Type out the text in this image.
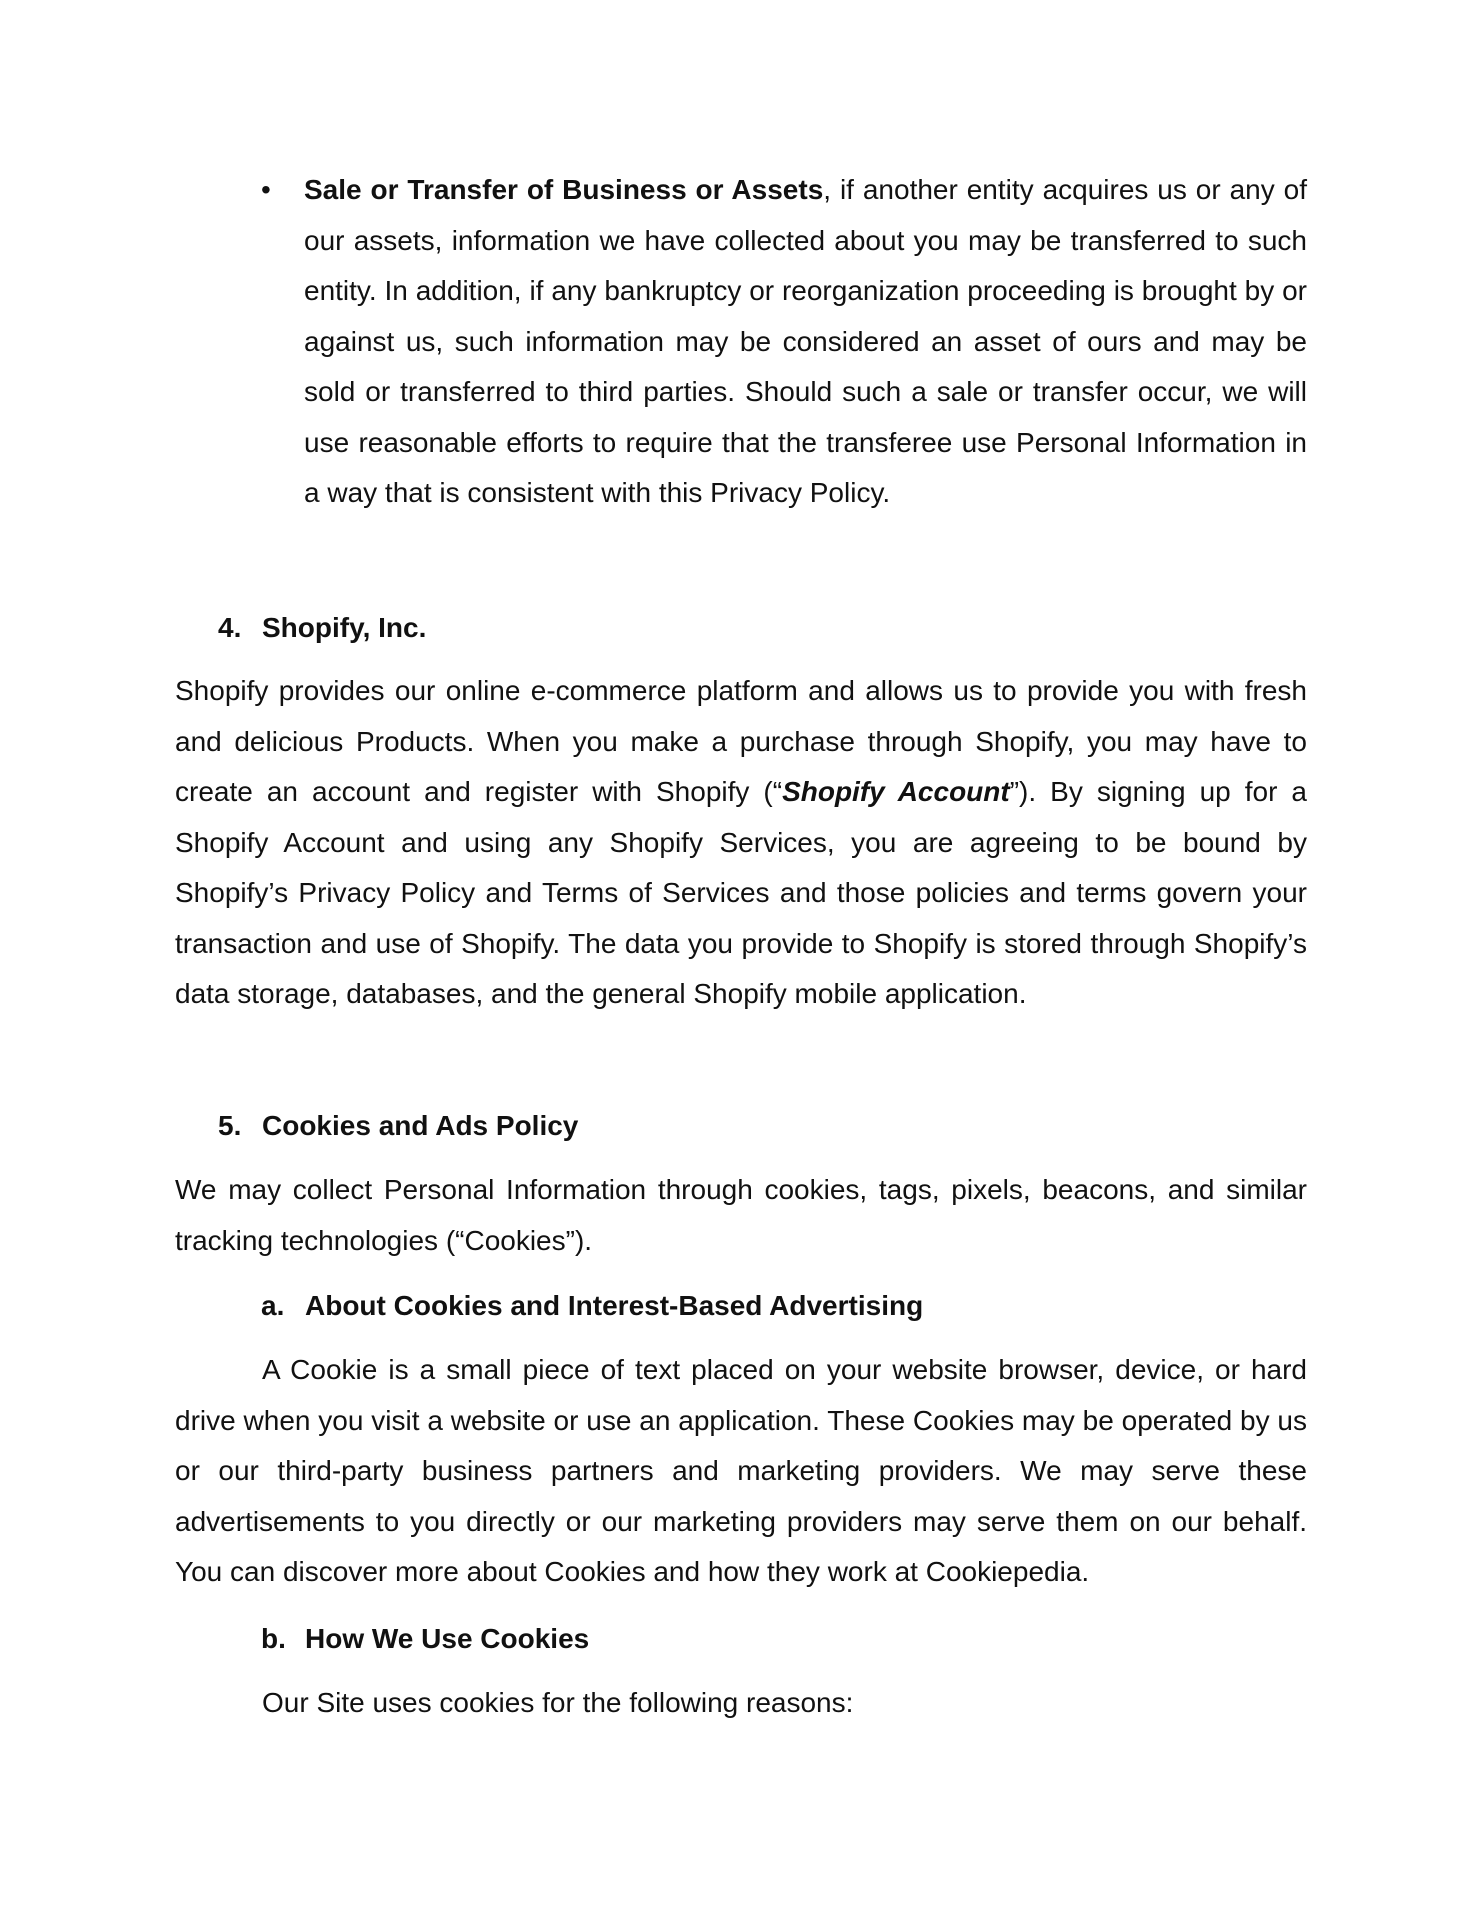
•	Sale or Transfer of Business or Assets, if another entity acquires us or any of our assets, information we have collected about you may be transferred to such entity. In addition, if any bankruptcy or reorganization proceeding is brought by or against us, such information may be considered an asset of ours and may be sold or transferred to third parties. Should such a sale or transfer occur, we will use reasonable efforts to require that the transferee use Personal Information in a way that is consistent with this Privacy Policy.
4. Shopify, Inc.
Shopify provides our online e-commerce platform and allows us to provide you with fresh and delicious Products. When you make a purchase through Shopify, you may have to create an account and register with Shopify (“Shopify Account”). By signing up for a Shopify Account and using any Shopify Services, you are agreeing to be bound by Shopify’s Privacy Policy and Terms of Services and those policies and terms govern your transaction and use of Shopify. The data you provide to Shopify is stored through Shopify’s data storage, databases, and the general Shopify mobile application.
5. Cookies and Ads Policy
We may collect Personal Information through cookies, tags, pixels, beacons, and similar tracking technologies (“Cookies”).
a. About Cookies and Interest-Based Advertising
A Cookie is a small piece of text placed on your website browser, device, or hard drive when you visit a website or use an application. These Cookies may be operated by us or our third-party business partners and marketing providers. We may serve these advertisements to you directly or our marketing providers may serve them on our behalf. You can discover more about Cookies and how they work at Cookiepedia.
b. How We Use Cookies
Our Site uses cookies for the following reasons:
